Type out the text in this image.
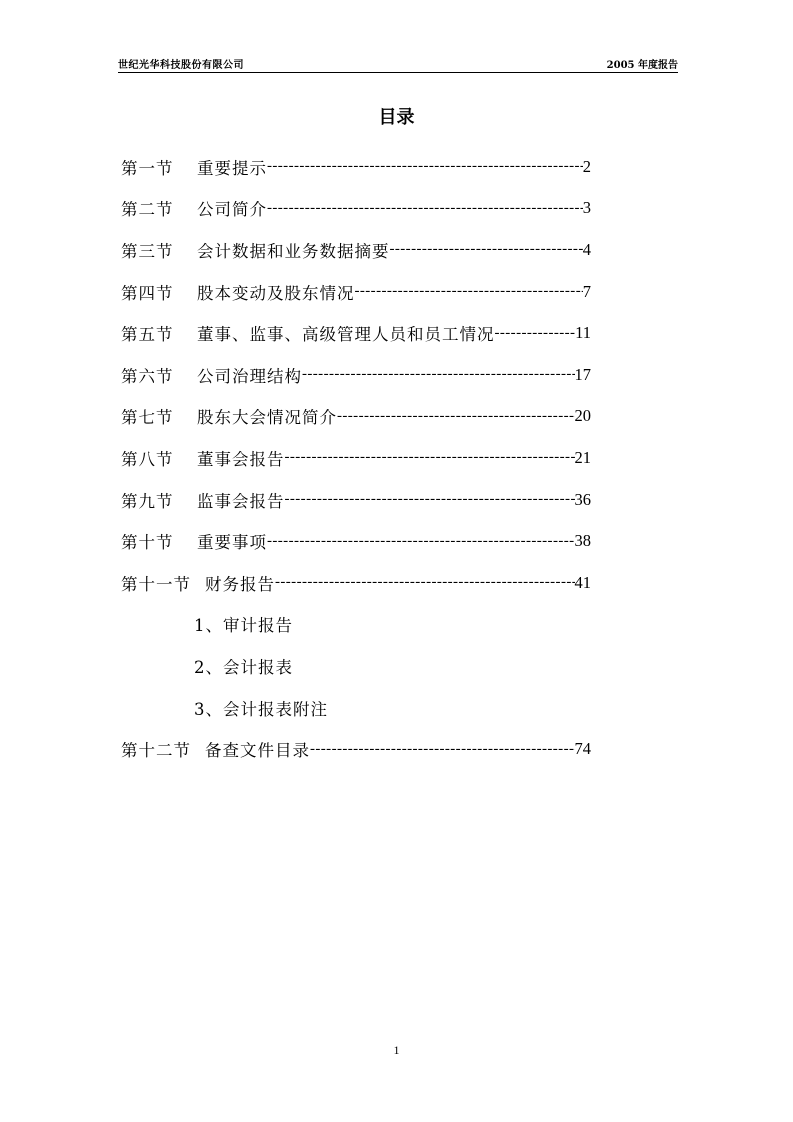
世纪光华科技股份有限公司	2005 年度报告
目录
第一节	重要提示 -----	2
第二节	公司简介 -----	3
第三节	会计数据和业务数据摘要 -----	4
第四节	股本变动及股东情况 -----	7
第五节	董事、监事、高级管理人员和员工情况 -----	11
第六节	公司治理结构 -----	17
第七节	股东大会情况简介 -----	20
第八节	董事会报告 -----	21
第九节	监事会报告 -----	36
第十节	重要事项 -----	38
第十一节 财务报告 -----	41
1、审计报告
2、会计报表
3、会计报表附注
第十二节 备查文件目录 -----	74
1
